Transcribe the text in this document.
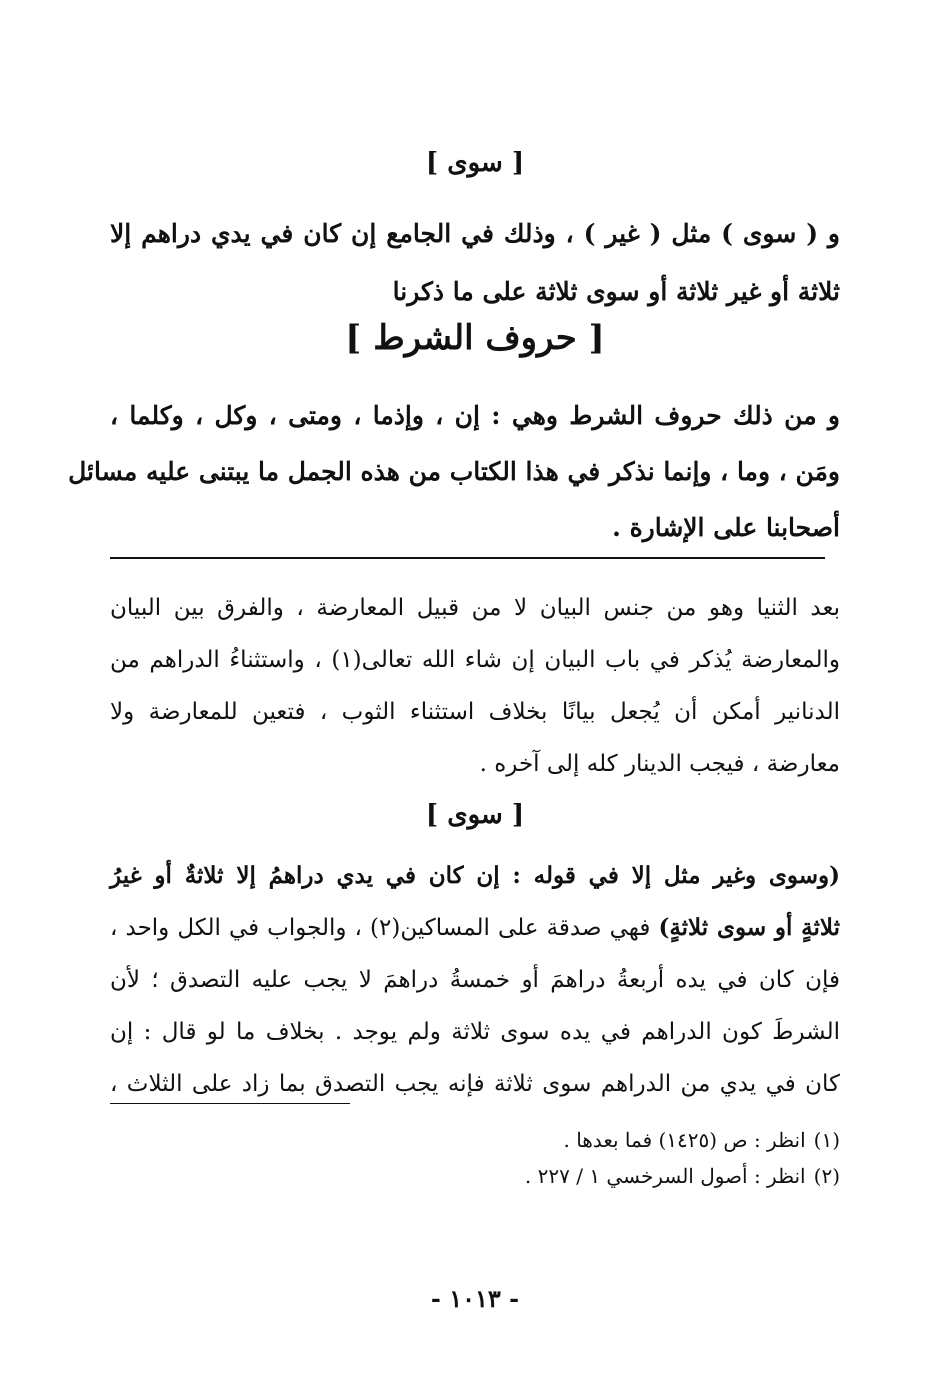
[ سوى ]
و ( سوى ) مثل ( غير ) ، وذلك في الجامع إن كان في يدي دراهم إلا
ثلاثة أو غير ثلاثة أو سوى ثلاثة على ما ذكرنا
[ حروف الشرط ]
و من ذلك حروف الشرط وهي : إن ، وإذما ، ومتى ، وكل ، وكلما ،
ومَن ، وما ، وإنما نذكر في هذا الكتاب من هذه الجمل ما يبتنى عليه مسائل
أصحابنا على الإشارة .
بعد الثنيا وهو من جنس البيان لا من قبيل المعارضة ، والفرق بين البيان
والمعارضة يُذكر في باب البيان إن شاء الله تعالى(١) ، واستثناءُ الدراهم من
الدنانير أمكن أن يُجعل بيانًا بخلاف استثناء الثوب ، فتعين للمعارضة ولا
معارضة ، فيجب الدينار كله إلى آخره .
[ سوى ]
(وسوى وغير مثل إلا في قوله : إن كان في يدي دراهمُ إلا ثلاثةٌ أو غيرُ
ثلاثةٍ أو سوى ثلاثةٍ) فهي صدقة على المساكين(٢) ، والجواب في الكل واحد ،
فإن كان في يده أربعةُ دراهمَ أو خمسةُ دراهمَ لا يجب عليه التصدق ؛ لأن
الشرطَ كون الدراهم في يده سوى ثلاثة ولم يوجد . بخلاف ما لو قال : إن
كان في يدي من الدراهم سوى ثلاثة فإنه يجب التصدق بما زاد على الثلاث ،
(١)انظر : ص (١٤٢٥) فما بعدها .
(٢)انظر : أصول السرخسي ١ / ٢٢٧ .
- ١٠١٣ -
